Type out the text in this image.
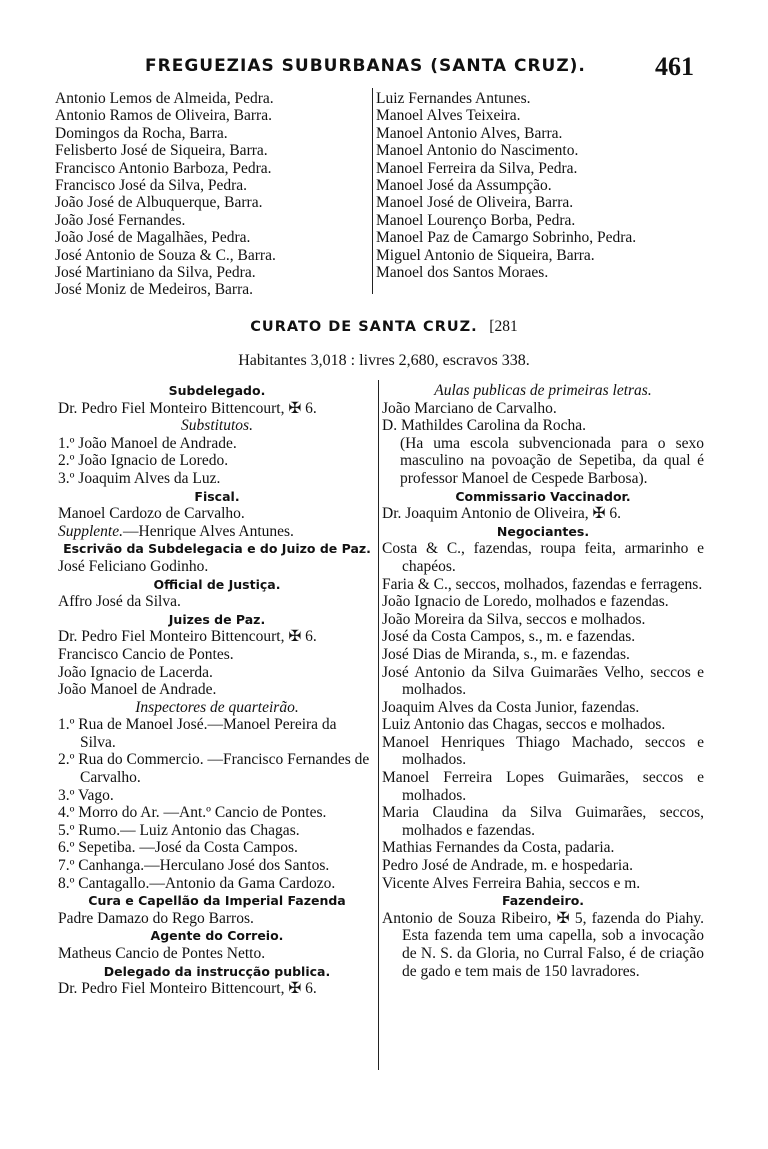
FREGUEZIAS SUBURBANAS (SANTA CRUZ).	461
Antonio Lemos de Almeida, Pedra.
Antonio Ramos de Oliveira, Barra.
Domingos da Rocha, Barra.
Felisberto José de Siqueira, Barra.
Francisco Antonio Barboza, Pedra.
Francisco José da Silva, Pedra.
João José de Albuquerque, Barra.
João José Fernandes.
João José de Magalhães, Pedra.
José Antonio de Souza & C., Barra.
José Martiniano da Silva, Pedra.
José Moniz de Medeiros, Barra.
Luiz Fernandes Antunes.
Manoel Alves Teixeira.
Manoel Antonio Alves, Barra.
Manoel Antonio do Nascimento.
Manoel Ferreira da Silva, Pedra.
Manoel José da Assumpção.
Manoel José de Oliveira, Barra.
Manoel Lourenço Borba, Pedra.
Manoel Paz de Camargo Sobrinho, Pedra.
Miguel Antonio de Siqueira, Barra.
Manoel dos Santos Moraes.
CURATO DE SANTA CRUZ. [281
Habitantes 3,018 : livres 2,680, escravos 338.
Subdelegado.
Dr. Pedro Fiel Monteiro Bittencourt, ✠ 6.
Substitutos.
1.º João Manoel de Andrade.
2.º João Ignacio de Loredo.
3.º Joaquim Alves da Luz.
Fiscal.
Manoel Cardozo de Carvalho.
Supplente.—Henrique Alves Antunes.
Escrivão da Subdelegacia e do Juizo de Paz.
José Feliciano Godinho.
Official de Justiça.
Affro José da Silva.
Juizes de Paz.
Dr. Pedro Fiel Monteiro Bittencourt, ✠ 6.
Francisco Cancio de Pontes.
João Ignacio de Lacerda.
João Manoel de Andrade.
Inspectores de quarteirão.
1.º Rua de Manoel José.—Manoel Pereira da Silva.
2.º Rua do Commercio. —Francisco Fernandes de Carvalho.
3.º Vago.
4.º Morro do Ar. —Ant.º Cancio de Pontes.
5.º Rumo.— Luiz Antonio das Chagas.
6.º Sepetiba. —José da Costa Campos.
7.º Canhanga.—Herculano José dos Santos.
8.º Cantagallo.—Antonio da Gama Cardozo.
Cura e Capellão da Imperial Fazenda
Padre Damazo do Rego Barros.
Agente do Correio.
Matheus Cancio de Pontes Netto.
Delegado da instrucção publica.
Dr. Pedro Fiel Monteiro Bittencourt, ✠ 6.
Aulas publicas de primeiras letras.
João Marciano de Carvalho.
D. Mathildes Carolina da Rocha.
(Ha uma escola subvencionada para o sexo masculino na povoação de Sepetiba, da qual é professor Manoel de Cespede Barbosa).
Commissario Vaccinador.
Dr. Joaquim Antonio de Oliveira, ✠ 6.
Negociantes.
Costa & C., fazendas, roupa feita, armarinho e chapéos.
Faria & C., seccos, molhados, fazendas e ferragens.
João Ignacio de Loredo, molhados e fazendas.
João Moreira da Silva, seccos e molhados.
José da Costa Campos, s., m. e fazendas.
José Dias de Miranda, s., m. e fazendas.
José Antonio da Silva Guimarães Velho, seccos e molhados.
Joaquim Alves da Costa Junior, fazendas.
Luiz Antonio das Chagas, seccos e molhados.
Manoel Henriques Thiago Machado, seccos e molhados.
Manoel Ferreira Lopes Guimarães, seccos e molhados.
Maria Claudina da Silva Guimarães, seccos, molhados e fazendas.
Mathias Fernandes da Costa, padaria.
Pedro José de Andrade, m. e hospedaria.
Vicente Alves Ferreira Bahia, seccos e m.
Fazendeiro.
Antonio de Souza Ribeiro, ✠ 5, fazenda do Piahy. Esta fazenda tem uma capella, sob a invocação de N. S. da Gloria, no Curral Falso, é de criação de gado e tem mais de 150 lavradores.
